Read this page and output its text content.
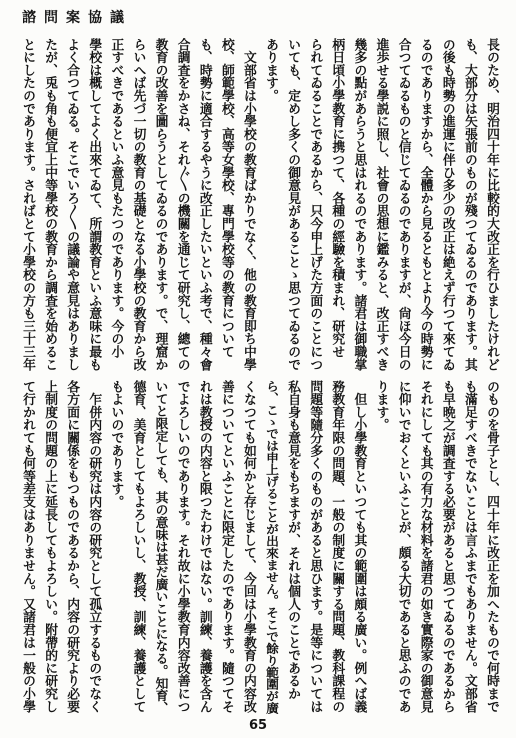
諮問案協議
長のため、明治四十年に比較的大改正を行ひましたけれど
も、大部分は矢張前のものが殘つてゐるのであります。其
の後も時勢の進運に伴ひ多少の改正は絶えず行つて來てゐ
るのでありますから、全體から見るともとより今の時勢に
合つてゐるものと信じてゐるのでありますが、尙ほ今日の
進歩せる學説に照し、社會の思想に鑑みると、改正すべき
幾多の點があらうと思はれるのであります。諸君は御職掌
柄日頃小學教育に携つて、各種の經驗を積まれ、研究せ
られてゐることであるから、只今申上げた方面のことにつ
いても、定めし多くの御意見があることゝ思つてゐるので
あります。
　文部省は小學校の教育ばかりでなく、他の教育即ち中學
校、師範學校、高等女學校、專門學校等の教育について
も、時勢に適合するやうに改正したいといふ考で、種々會
合調査をかさね、それ〴〵の機關を通じて研究し、總ての
教育の改善を圖らうとしてゐるのであります。で、理窟か
らいへば先づ一切の教育の基礎となる小學校の教育から改
正すべきであるといふ意見もたつのであります。今の小
學校は概してよく出來てゐて、所謂教育といふ意味に最も
よく合つてゐる。そこでいろ〳〵の議論や意見はありまし
たが、兎も角も便宜上中等學校の教育から調査を始めるこ
とにしたのであります。さればとて小學校の方も三十三年
のものを骨子とし、四十年に改正を加へたもので何時まで
も滿足すべきでないことは言ふまでもありません。文部省
も早晩之が調査する必要があると思つてゐるのであるから
それにしても其の有力な材料を諸君の如き實際家の御意見
に仰いでおくといふことが、頗る大切であると思ふのであ
ります。
　但し小學教育といつても其の範圍は頗る廣い。例へば義
務教育年限の問題、一般の制度に關する問題、教科課程の
問題等隨分多くのものがあると思ひます。是等については
私自身も意見をもちますが、それは個人のことであるか
ら、こゝでは申上げることが出來ません。そこで餘り範圍が廣
くなつても如何かと存じまして、今回は小學教育の内容改
善についてといふことに限定したのであります。隨つてそ
れは教授の内容と限つたわけではない。訓練、養護を含ん
でよろしいのであります。それ故に小學教育内容改善につ
いてと限定しても、其の意味は甚だ廣いことになる。知育、
德育、美育としてもよろしいし、教授、訓練、養護として
もよいのであります。
　乍併内容の研究は内容の研究として孤立するものでなく
各方面に關係をもつものであるから、内容の研究より必要
上制度の問題の上に延長してもよろしい。附帶的に研究し
て行かれても何等差支はありません。又諸君は一般の小學
65
